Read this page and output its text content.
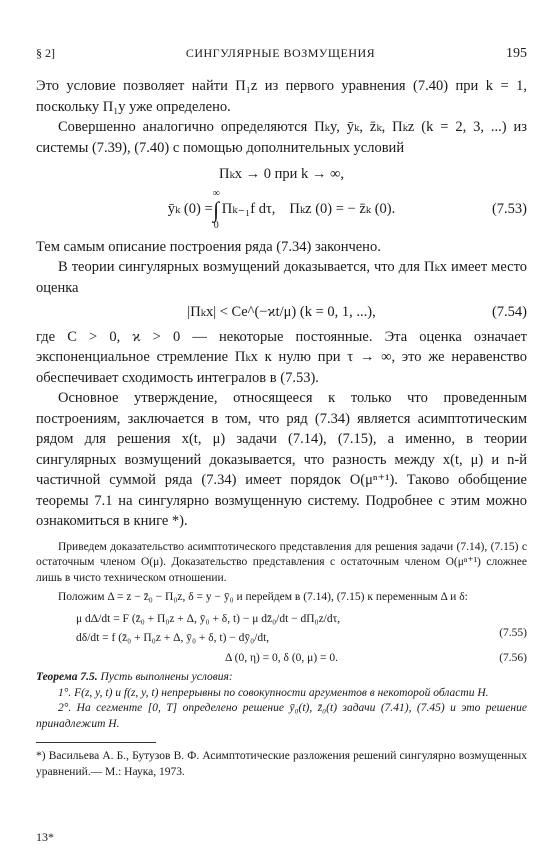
§ 2]	СИНГУЛЯРНЫЕ ВОЗМУЩЕНИЯ	195

Это условие позволяет найти Π₁z из первого уравнения (7.40) при k = 1, поскольку Π₁y уже определено.

Совершенно аналогично определяются Πₖy, ȳₖ, z̄ₖ, Πₖz (k = 2, 3, ...) из системы (7.39), (7.40) с помощью дополнительных условий

Πₖx → 0 при k → ∞,
ȳₖ (0) =
∞
∫
0
Πₖ₋₁f dτ, Πₖz (0) = − z̄ₖ (0).	(7.53)

Тем самым описание построения ряда (7.34) закончено.

В теории сингулярных возмущений доказывается, что для Πₖx имеет место оценка

|Πₖx| < Ce^(−ϰt/μ) (k = 0, 1, ...),	(7.54)

где C > 0, ϰ > 0 — некоторые постоянные. Эта оценка означает экспоненциальное стремление Πₖx к нулю при τ → ∞, это же неравенство обеспечивает сходимость интегралов в (7.53).

Основное утверждение, относящееся к только что проведенным построениям, заключается в том, что ряд (7.34) является асимптотическим рядом для решения x(t, μ) задачи (7.14), (7.15), а именно, в теории сингулярных возмущений доказывается, что разность между x(t, μ) и n-й частичной суммой ряда (7.34) имеет порядок O(μⁿ⁺¹). Таково обобщение теоремы 7.1 на сингулярно возмущенную систему. Подробнее с этим можно ознакомиться в книге *).

Приведем доказательство асимптотического представления для решения задачи (7.14), (7.15) с остаточным членом O(μ). Доказательство представления с остаточным членом O(μⁿ⁺¹) сложнее лишь в чисто техническом отношении.

Положим Δ = z − z̄₀ − Π₀z, δ = y − ȳ₀ и перейдем в (7.14), (7.15) к переменным Δ и δ:

μ dΔ/dt = F (z̄₀ + Π₀z + Δ, ȳ₀ + δ, t) − μ dz̄₀/dt − dΠ₀z/dτ,
dδ/dt = f (z̄₀ + Π₀z + Δ, ȳ₀ + δ, t) − dȳ₀/dt,	(7.55)
Δ (0, η) = 0, δ (0, μ) = 0.	(7.56)

Теорема 7.5. Пусть выполнены условия:

1°. F(z, y, t) и f(z, y, t) непрерывны по совокупности аргументов в некоторой области H.

2°. На сегменте [0, T] определено решение ȳ₀(t), z̄₀(t) задачи (7.41), (7.45) и это решение принадлежит H.

*) Васильева А. Б., Бутузов В. Ф. Асимптотические разложения решений сингулярно возмущенных уравнений.— М.: Наука, 1973.

13*
